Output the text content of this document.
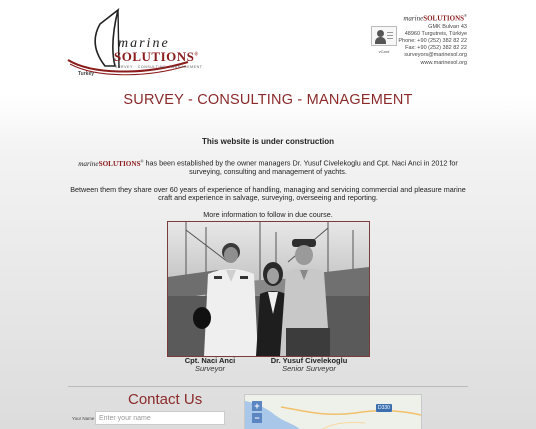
marine
SOLUTIONS®
SURVEY · CONSULTING · MANAGEMENT
Turkey
vCard
marineSOLUTIONS®
GMK Bulvarı 43
48960 Turgutreis, Türkiye
Phone: +90 (252) 382 82 22
Fax: +90 (252) 382 82 22
surveyors@marinesol.org
www.marinesol.org
SURVEY - CONSULTING - MANAGEMENT
This website is under construction

marineSOLUTIONS® has been established by the owner managers Dr. Yusuf Civelekoglu and Cpt. Naci Anci in 2012 for surveying, consulting and management of yachts.

Between them they share over 60 years of experience of handling, managing and servicing commercial and pleasure marine craft and experience in salvage, surveying, overseeing and reporting.

More information to follow in due course.

Cpt. Naci Anci
Surveyor
Dr. Yusuf Civelekoglu
Senior Surveyor
Contact Us
Your Name
Enter your name
+
−
D330
